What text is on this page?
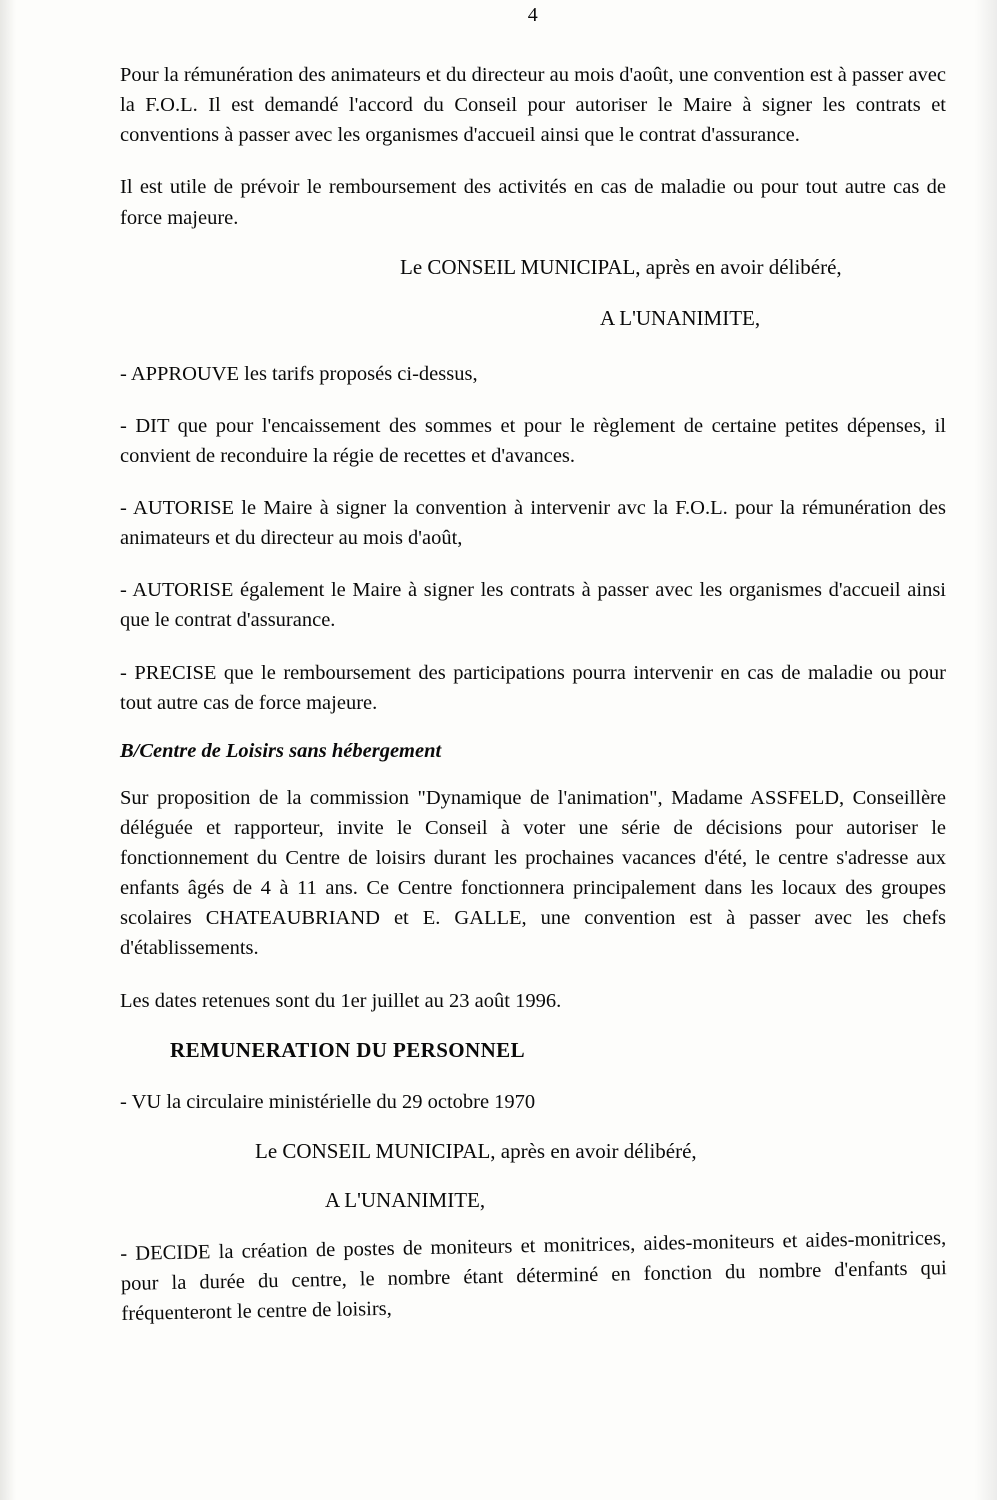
4

Pour la rémunération des animateurs et du directeur au mois d'août, une convention est à passer avec la F.O.L. Il est demandé l'accord du Conseil pour autoriser le Maire à signer les contrats et conventions à passer avec les organismes d'accueil ainsi que le contrat d'assurance.

Il est utile de prévoir le remboursement des activités en cas de maladie ou pour tout autre cas de force majeure.

Le CONSEIL MUNICIPAL, après en avoir délibéré,

A L'UNANIMITE,

- APPROUVE les tarifs proposés ci-dessus,

- DIT que pour l'encaissement des sommes et pour le règlement de certaine petites dépenses, il convient de reconduire la régie de recettes et d'avances.

- AUTORISE le Maire à signer la convention à intervenir avc la F.O.L. pour la rémunération des animateurs et du directeur au mois d'août,

- AUTORISE également le Maire à signer les contrats à passer avec les organismes d'accueil ainsi que le contrat d'assurance.

- PRECISE que le remboursement des participations pourra intervenir en cas de maladie ou pour tout autre cas de force majeure.

B/Centre de Loisirs sans hébergement

Sur proposition de la commission "Dynamique de l'animation", Madame ASSFELD, Conseillère déléguée et rapporteur, invite le Conseil à voter une série de décisions pour autoriser le fonctionnement du Centre de loisirs durant les prochaines vacances d'été, le centre s'adresse aux enfants âgés de 4 à 11 ans. Ce Centre fonctionnera principalement dans les locaux des groupes scolaires CHATEAUBRIAND et E. GALLE, une convention est à passer avec les chefs d'établissements.

Les dates retenues sont du 1er juillet au 23 août 1996.

REMUNERATION DU PERSONNEL

- VU la circulaire ministérielle du 29 octobre 1970

Le CONSEIL MUNICIPAL, après en avoir délibéré,

A L'UNANIMITE,

- DECIDE la création de postes de moniteurs et monitrices, aides-moniteurs et aides-monitrices, pour la durée du centre, le nombre étant déterminé en fonction du nombre d'enfants qui fréquenteront le centre de loisirs,
